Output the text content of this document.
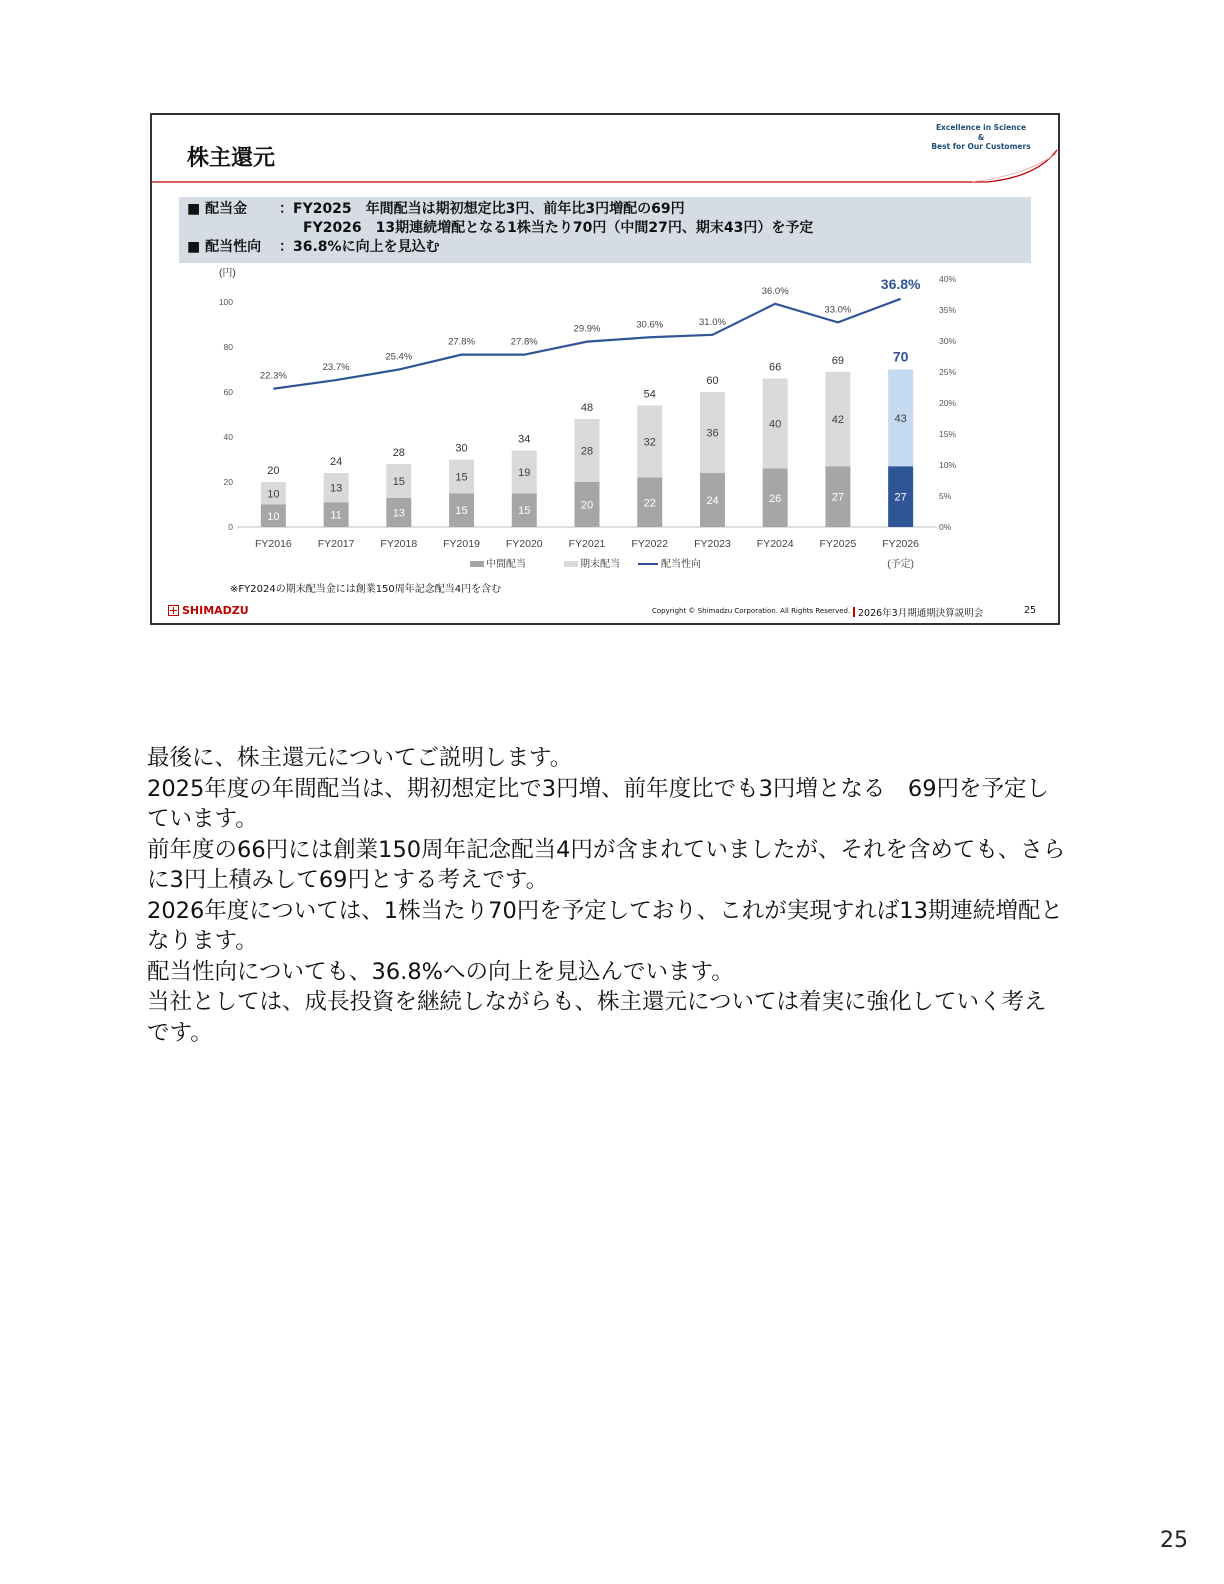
株主還元
Excellence in Science
&
Best for Our Customers
■ 配当金 ：FY2025　年間配当は期初想定比3円、前年比3円増配の69円
FY2026　13期連続増配となる1株当たり70円（中間27円、期末43円）を予定
■ 配当性向 ：36.8%に向上を見込む
(円)
0
20
40
60
80
100
0%
5%
10%
15%
20%
25%
30%
35%
40%
10
10
20
FY2016
11
13
24
FY2017
13
15
28
FY2018
15
15
30
FY2019
15
19
34
FY2020
20
28
48
FY2021
22
32
54
FY2022
24
36
60
FY2023
26
40
66
FY2024
27
42
69
FY2025
27
43
70
FY2026
(予定)
22.3%
23.7%
25.4%
27.8%	27.8%
29.9%	30.6%	31.0%
36.0%
33.0%
36.8%
中間配当	期末配当	配当性向
※FY2024の期末配当金には創業150周年記念配当4円を含む
SHIMADZU	Copyright © Shimadzu Corporation. All Rights Reserved. 2026年3月期通期決算説明会	25

最後に、株主還元についてご説明します。

2025年度の年間配当は、期初想定比で3円増、前年度比でも3円増となる　69円を予定しています。

前年度の66円には創業150周年記念配当4円が含まれていましたが、それを含めても、さらに3円上積みして69円とする考えです。

2026年度については、1株当たり70円を予定しており、これが実現すれば13期連続増配となります。

配当性向についても、36.8%への向上を見込んでいます。

当社としては、成長投資を継続しながらも、株主還元については着実に強化していく考えです。

25
